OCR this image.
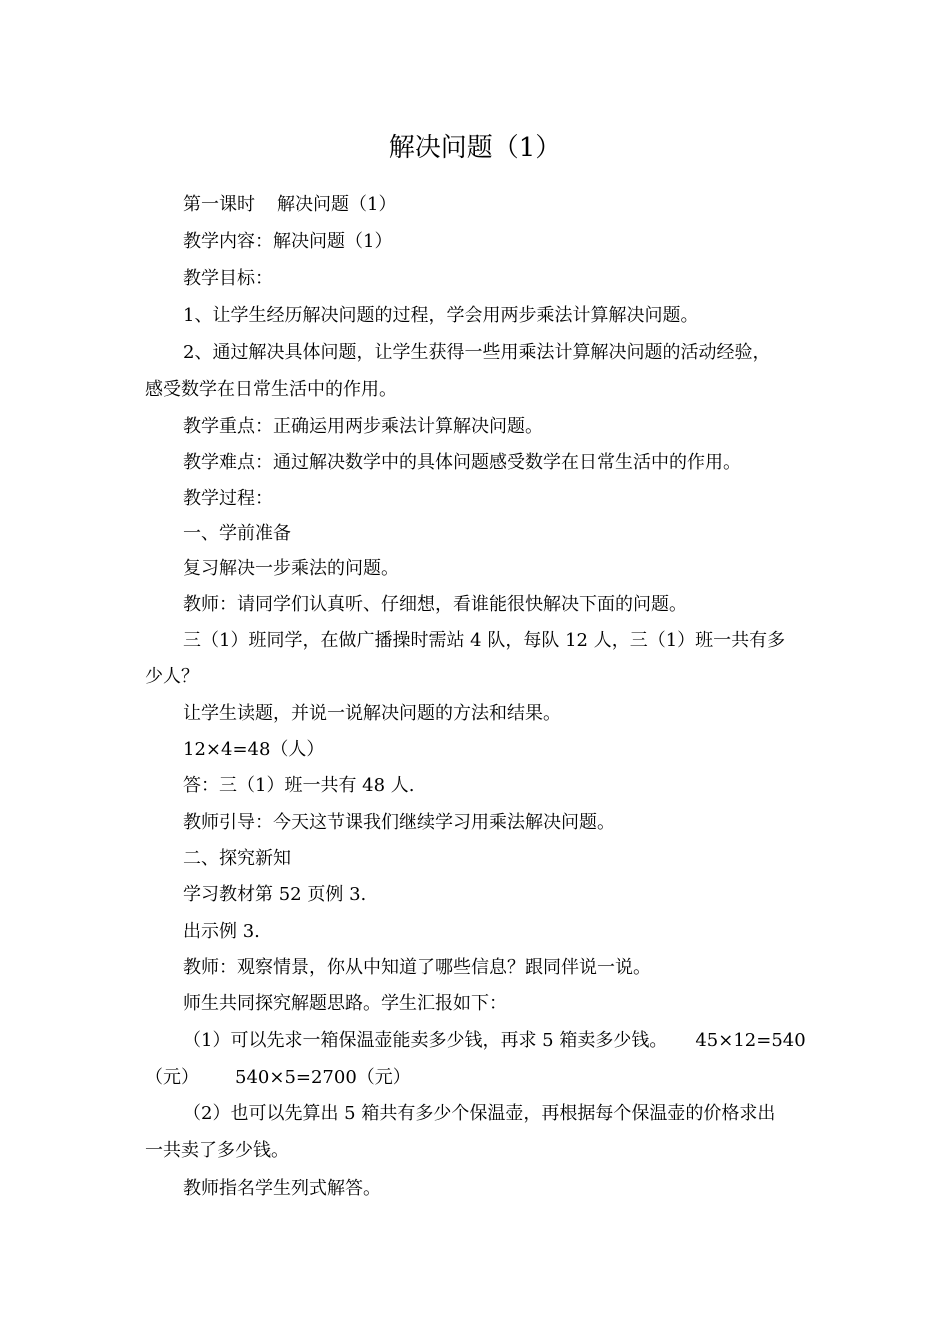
解决问题（1）
第一课时 解决问题（1）
教学内容：解决问题（1）
教学目标：
1、让学生经历解决问题的过程，学会用两步乘法计算解决问题。
2、通过解决具体问题，让学生获得一些用乘法计算解决问题的活动经验，
感受数学在日常生活中的作用。
教学重点：正确运用两步乘法计算解决问题。
教学难点：通过解决数学中的具体问题感受数学在日常生活中的作用。
教学过程：
一、学前准备
复习解决一步乘法的问题。
教师：请同学们认真听、仔细想，看谁能很快解决下面的问题。
三（1）班同学，在做广播操时需站 4 队，每队 12 人，三（1）班一共有多
少人？
让学生读题，并说一说解决问题的方法和结果。
12×4=48（人）
答：三（1）班一共有 48 人.
教师引导：今天这节课我们继续学习用乘法解决问题。
二、探究新知
学习教材第 52 页例 3.
出示例 3.
教师：观察情景，你从中知道了哪些信息？跟同伴说一说。
师生共同探究解题思路。学生汇报如下：
（1）可以先求一箱保温壶能卖多少钱，再求 5 箱卖多少钱。 45×12=540
（元） 540×5=2700（元）
（2）也可以先算出 5 箱共有多少个保温壶，再根据每个保温壶的价格求出
一共卖了多少钱。
教师指名学生列式解答。
